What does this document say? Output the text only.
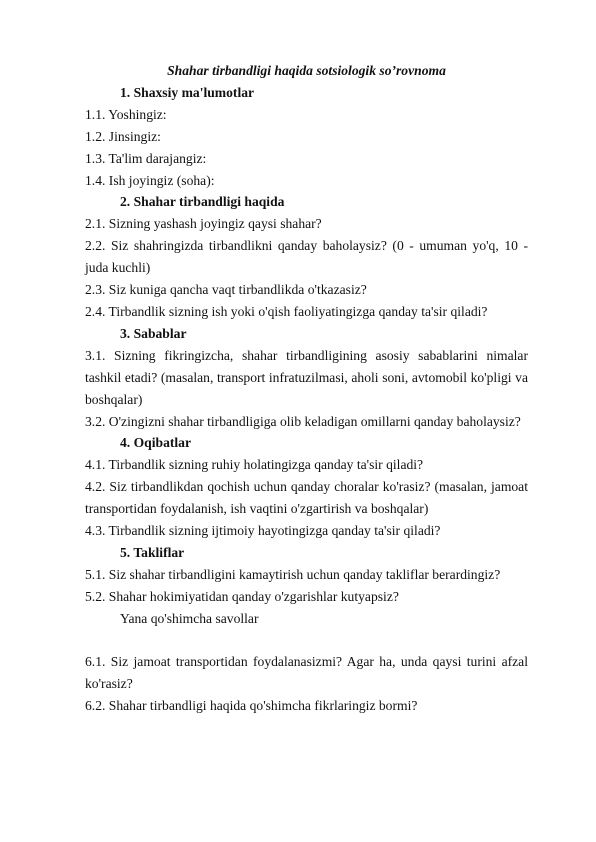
Shahar tirbandligi haqida sotsiologik so’rovnoma

1. Shaxsiy ma'lumotlar

1.1. Yoshingiz:

1.2. Jinsingiz:

1.3. Ta'lim darajangiz:

1.4. Ish joyingiz (soha):

2. Shahar tirbandligi haqida

2.1. Sizning yashash joyingiz qaysi shahar?

2.2. Siz shahringizda tirbandlikni qanday baholaysiz? (0 - umuman yo'q, 10 - juda kuchli)

2.3. Siz kuniga qancha vaqt tirbandlikda o'tkazasiz?

2.4. Tirbandlik sizning ish yoki o'qish faoliyatingizga qanday ta'sir qiladi?

3. Sabablar

3.1. Sizning fikringizcha, shahar tirbandligining asosiy sabablarini nimalar tashkil etadi? (masalan, transport infratuzilmasi, aholi soni, avtomobil ko'pligi va boshqalar)

3.2. O'zingizni shahar tirbandligiga olib keladigan omillarni qanday baholaysiz?

4. Oqibatlar

4.1. Tirbandlik sizning ruhiy holatingizga qanday ta'sir qiladi?

4.2. Siz tirbandlikdan qochish uchun qanday choralar ko'rasiz? (masalan, jamoat transportidan foydalanish, ish vaqtini o'zgartirish va boshqalar)

4.3. Tirbandlik sizning ijtimoiy hayotingizga qanday ta'sir qiladi?

5. Takliflar

5.1. Siz shahar tirbandligini kamaytirish uchun qanday takliflar berardingiz?

5.2. Shahar hokimiyatidan qanday o'zgarishlar kutyapsiz?

Yana qo'shimcha savollar

6.1. Siz jamoat transportidan foydalanasizmi? Agar ha, unda qaysi turini afzal ko'rasiz?

6.2. Shahar tirbandligi haqida qo'shimcha fikrlaringiz bormi?
